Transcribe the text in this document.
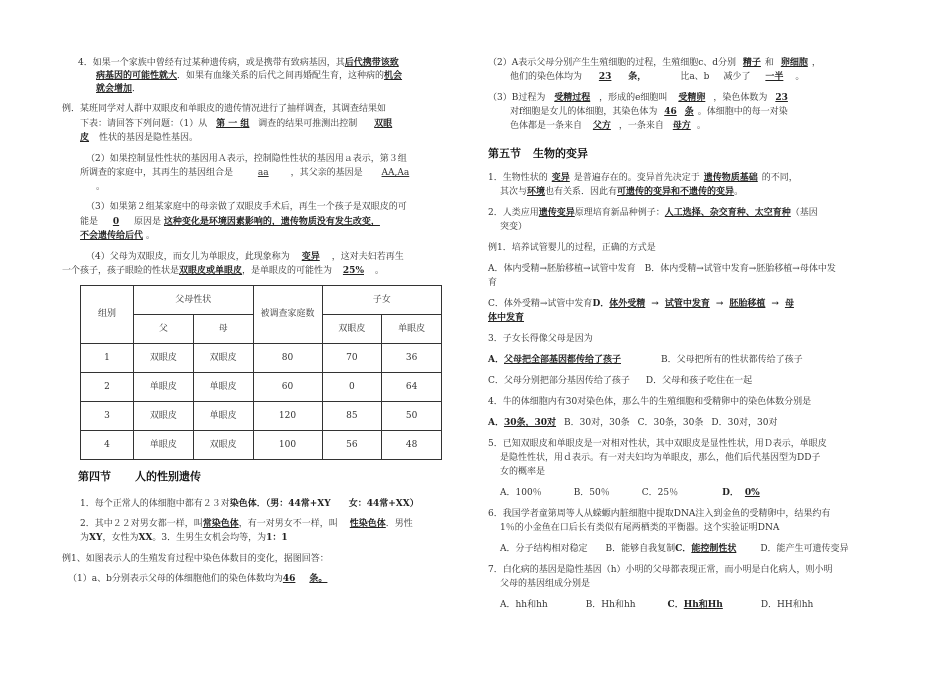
4．如果一个家族中曾经有过某种遗传病，或是携带有致病基因，其后代携带该致
病基因的可能性就大．如果有血缘关系的后代之间再婚配生育，这种病的机会
就会增加．
例．某班同学对人群中双眼皮和单眼皮的遗传情况进行了抽样调查，其调查结果如
下表：请回答下列问题：（1）从 第 一 组 调查的结果可推测出控制 双眼
皮 性状的基因是隐性基因。
（2）如果控制显性性状的基因用Ａ表示，控制隐性性状的基因用ａ表示，第３组
所调查的家庭中，其再生的基因组合是	aa ，其父亲的基因是 AA,Aa
。
（3）如果第２组某家庭中的母亲做了双眼皮手术后，再生一个孩子是双眼皮的可
能是 0 原因是 这种变化是环境因素影响的，遗传物质没有发生改变，
不会遗传给后代 。
（4）父母为双眼皮，而女儿为单眼皮，此现象称为 变异 ，这对夫妇若再生
一个孩子，孩子眼睑的性状是双眼皮或单眼皮，是单眼皮的可能性为 25% 。
组别	父母性状		被调查家庭数	子女	
	父	母		双眼皮	单眼皮
1	双眼皮	双眼皮	80	70	36
2	单眼皮	单眼皮	60	0	64
3	双眼皮	单眼皮	120	85	50
4	单眼皮	双眼皮	100	56	48
第四节 人的性别遗传
1．每个正常人的体细胞中都有２３对染色体．（男：44常+XY 女：44常+XX）
2．其中２２对男女都一样，叫常染色体，有一对男女不一样，叫 性染色体．男性
为XY，女性为XX。3．生男生女机会均等，为1：1
例1、如图表示人的生殖发育过程中染色体数目的变化，据图回答：
（1）a、b分别表示父母的体细胞他们的染色体数均为46 条。
（2）A表示父母分别产生生殖细胞的过程，生殖细胞c、d分别 精子 和 卵细胞 ，
他们的染色体均为 23 条，	比a、b 减少了 一半 。
（3）B过程为 受精过程 ，形成的e细胞叫 受精卵 ，染色体数为 23
对f细胞是女儿的体细胞，其染色体为 46 条 。体细胞中的每一对染
色体都是一条来自 父方 ，一条来自 母方 。
第五节 生物的变异
1．生物性状的 变异 是普遍存在的。变异首先决定于 遗传物质基础 的不同，
其次与环境也有关系．因此有可遗传的变异和不遗传的变异。
2．人类应用遗传变异原理培育新品种例子：人工选择、杂交育种、太空育种（基因
突变）
例1．培养试管婴儿的过程，正确的方式是
A．体内受精→胚胎移植→试管中发育　B．体内受精→试管中发育→胚胎移植→母体中发
育
C．体外受精→试管中发育D．体外受精 → 试管中发育 → 胚胎移植 → 母
体中发育
3．子女长得像父母是因为
A．父母把全部基因都传给了孩子	B．父母把所有的性状都传给了孩子
C．父母分别把部分基因传给了孩子 D．父母和孩子吃住在一起
4．牛的体细胞内有30对染色体，那么牛的生殖细胞和受精卵中的染色体数分别是
A．30条，30对 B．30对，30条 C．30条，30条 D．30对，30对
5．已知双眼皮和单眼皮是一对相对性状，其中双眼皮是显性性状，用Ｄ表示，单眼皮
是隐性性状，用ｄ表示。有一对夫妇均为单眼皮，那么，他们后代基因型为DD子
女的概率是
A．100％	B．50％	C．25％	D． 0%
6．我国学者童第周等人从蝾螈内脏细胞中提取DNA注入到金鱼的受精卵中，结果约有
1％的小金鱼在口后长有类似有尾两栖类的平衡器。这个实验证明DNA
A．分子结构相对稳定 B．能够自我复制C．能控制性状	D．能产生可遗传变异
7．白化病的基因是隐性基因（h）小明的父母都表现正常，而小明是白化病人，则小明
父母的基因组成分别是
A．hh和hh	B．Hh和hh	C．Hh和Hh	D．HH和hh
